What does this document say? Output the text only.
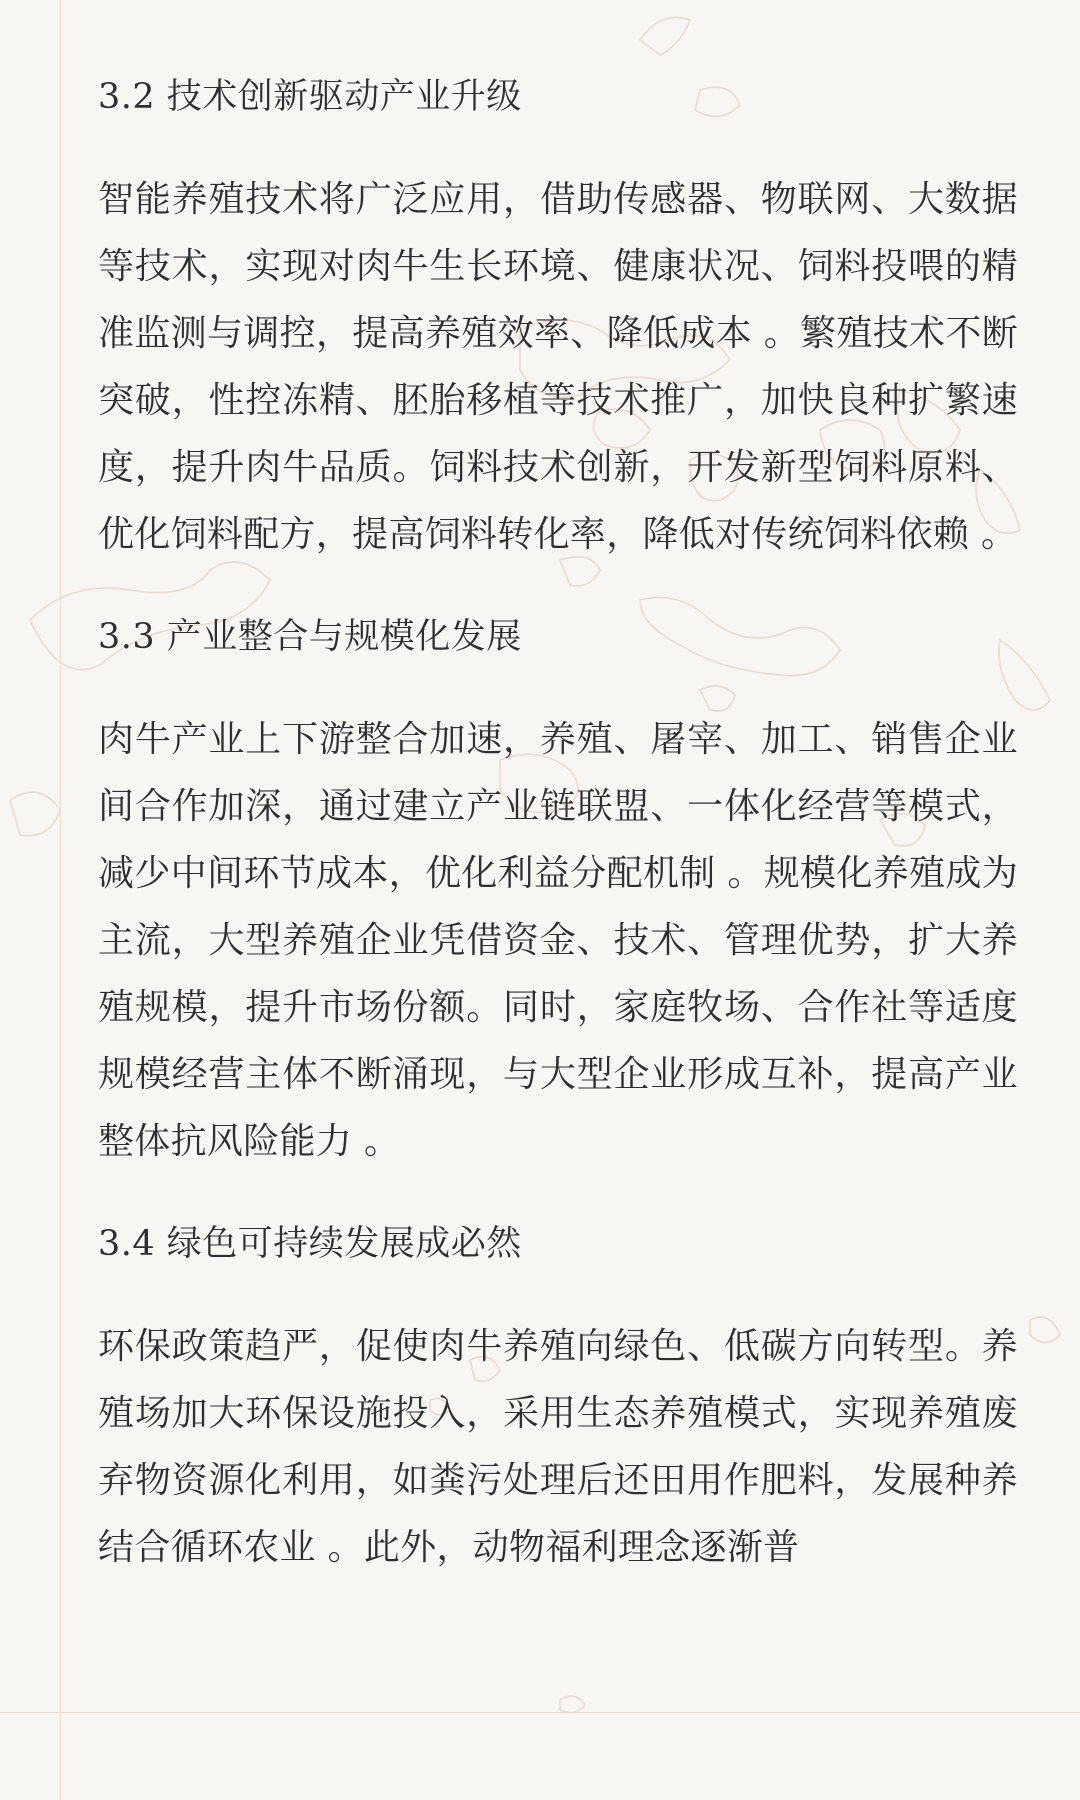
3.2 技术创新驱动产业升级

智能养殖技术将广泛应用，借助传感器、物联网、大数据等技术，实现对肉牛生长环境、健康状况、饲料投喂的精准监测与调控，提高养殖效率、降低成本 。繁殖技术不断突破，性控冻精、胚胎移植等技术推广，加快良种扩繁速度，提升肉牛品质。饲料技术创新，开发新型饲料原料、优化饲料配方，提高饲料转化率，降低对传统饲料依赖 。

3.3 产业整合与规模化发展

肉牛产业上下游整合加速，养殖、屠宰、加工、销售企业间合作加深，通过建立产业链联盟、一体化经营等模式，减少中间环节成本，优化利益分配机制 。规模化养殖成为主流，大型养殖企业凭借资金、技术、管理优势，扩大养殖规模，提升市场份额。同时，家庭牧场、合作社等适度规模经营主体不断涌现，与大型企业形成互补，提高产业整体抗风险能力 。

3.4 绿色可持续发展成必然

环保政策趋严，促使肉牛养殖向绿色、低碳方向转型。养殖场加大环保设施投入，采用生态养殖模式，实现养殖废弃物资源化利用，如粪污处理后还田用作肥料，发展种养结合循环农业 。此外，动物福利理念逐渐普
